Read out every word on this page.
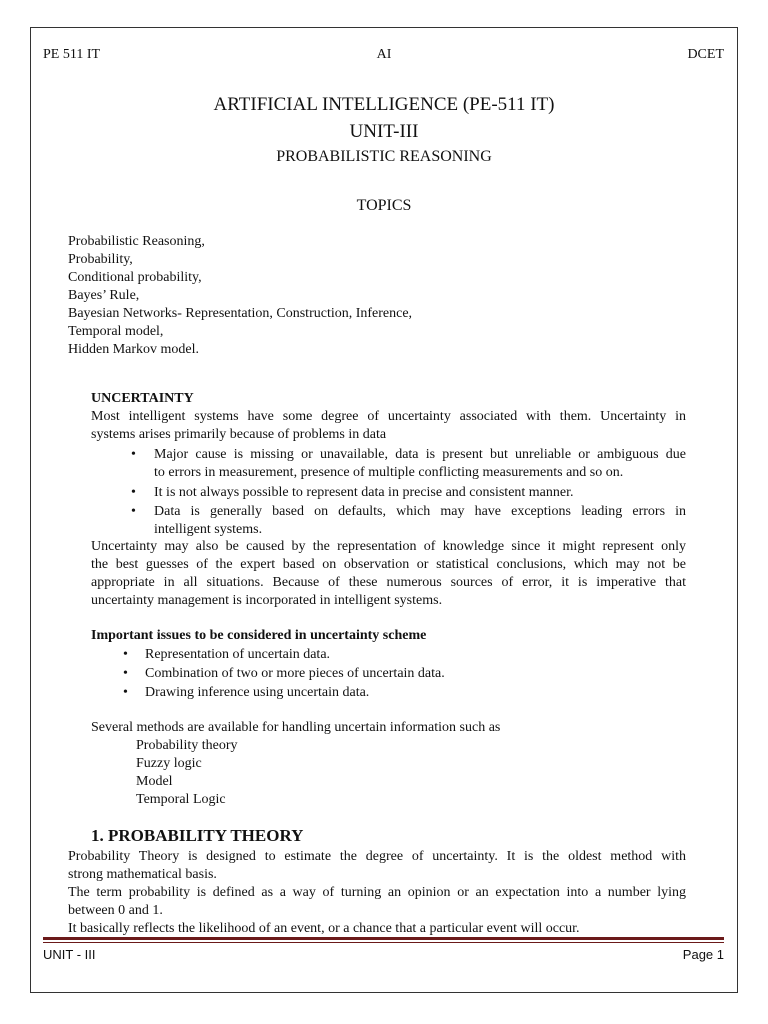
PE 511 IT	AI	DCET
ARTIFICIAL INTELLIGENCE (PE-511 IT)
UNIT-III
PROBABILISTIC REASONING
TOPICS
Probabilistic Reasoning,
Probability,
Conditional probability,
Bayes’ Rule,
Bayesian Networks- Representation, Construction, Inference,
Temporal model,
Hidden Markov model.
UNCERTAINTY
Most intelligent systems have some degree of uncertainty associated with them. Uncertainty in
systems arises primarily because of problems in data
• Major cause is missing or unavailable, data is present but unreliable or ambiguous due
to errors in measurement, presence of multiple conflicting measurements and so on.
• It is not always possible to represent data in precise and consistent manner.
• Data is generally based on defaults, which may have exceptions leading errors in
intelligent systems.
Uncertainty may also be caused by the representation of knowledge since it might represent only
the best guesses of the expert based on observation or statistical conclusions, which may not be
appropriate in all situations. Because of these numerous sources of error, it is imperative that
uncertainty management is incorporated in intelligent systems.
Important issues to be considered in uncertainty scheme
• Representation of uncertain data.
• Combination of two or more pieces of uncertain data.
• Drawing inference using uncertain data.
Several methods are available for handling uncertain information such as
Probability theory
Fuzzy logic
Model
Temporal Logic
1. PROBABILITY THEORY
Probability Theory is designed to estimate the degree of uncertainty. It is the oldest method with
strong mathematical basis.
The term probability is defined as a way of turning an opinion or an expectation into a number lying
between 0 and 1.
It basically reflects the likelihood of an event, or a chance that a particular event will occur.
UNIT - III	Page 1
